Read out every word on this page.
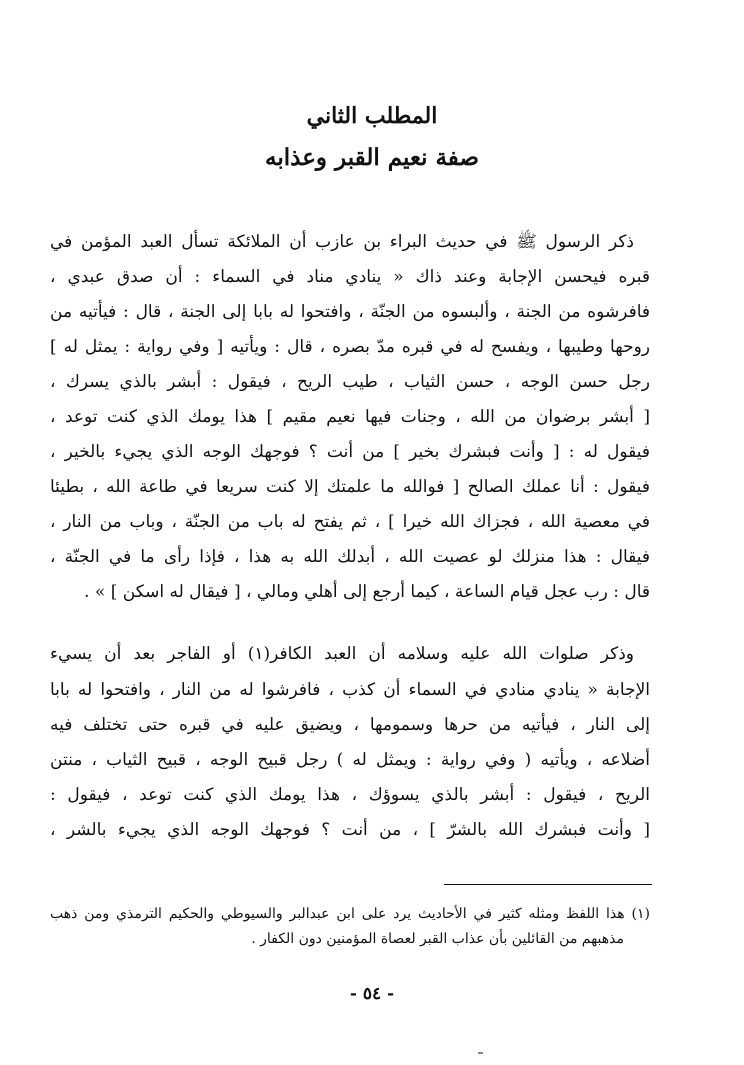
المطلب الثاني
صفة نعيم القبر وعذابه
ذكر الرسول ﷺ في حديث البراء بن عازب أن الملائكة تسأل العبد المؤمن في
قبره فيحسن الإجابة وعند ذاك « ينادي مناد في السماء : أن صدق عبدي ،
فافرشوه من الجنة ، وألبسوه من الجنّة ، وافتحوا له بابا إلى الجنة ، قال : فيأتيه من
روحها وطيبها ، ويفسح له في قبره مدّ بصره ، قال : ويأتيه [ وفي رواية : يمثل له ]
رجل حسن الوجه ، حسن الثياب ، طيب الريح ، فيقول : أبشر بالذي يسرك ،
[ أبشر برضوان من الله ، وجنات فيها نعيم مقيم ] هذا يومك الذي كنت توعد ،
فيقول له : [ وأنت فبشرك بخير ] من أنت ؟ فوجهك الوجه الذي يجيء بالخير ،
فيقول : أنا عملك الصالح [ فوالله ما علمتك إلا كنت سريعا في طاعة الله ، بطيئا
في معصية الله ، فجزاك الله خيرا ] ، ثم يفتح له باب من الجنّة ، وباب من النار ،
فيقال : هذا منزلك لو عصيت الله ، أبدلك الله به هذا ، فإذا رأى ما في الجنّة ،
قال : رب عجل قيام الساعة ، كيما أرجع إلى أهلي ومالي ، [ فيقال له اسكن ] » .
وذكر صلوات الله عليه وسلامه أن العبد الكافر(١) أو الفاجر بعد أن يسيء
الإجابة « ينادي منادي في السماء أن كذب ، فافرشوا له من النار ، وافتحوا له بابا
إلى النار ، فيأتيه من حرها وسمومها ، ويضيق عليه في قبره حتى تختلف فيه
أضلاعه ، ويأتيه ( وفي رواية : ويمثل له ) رجل قبيح الوجه ، قبيح الثياب ، منتن
الريح ، فيقول : أبشر بالذي يسوؤك ، هذا يومك الذي كنت توعد ، فيقول :
[ وأنت فبشرك الله بالشرّ ] ، من أنت ؟ فوجهك الوجه الذي يجيء بالشر ،
(١) هذا اللفظ ومثله كثير في الأحاديث يرد على ابن عبدالبر والسيوطي والحكيم الترمذي ومن ذهب
مذهبهم من القائلين بأن عذاب القبر لعصاة المؤمنين دون الكفار .
- ٥٤ -
